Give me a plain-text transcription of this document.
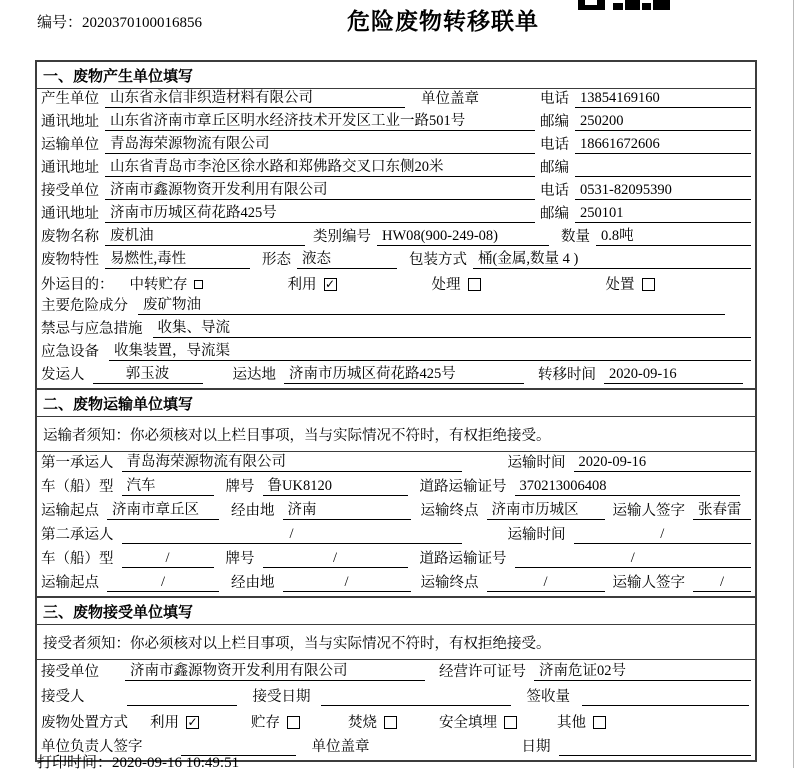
编号：2020370100016856	危险废物转移联单
一、废物产生单位填写
产生单位 山东省永信非织造材料有限公司	单位盖章	电话 13854169160
通讯地址 山东省济南市章丘区明水经济技术开发区工业一路501号	邮编 250200
运输单位 青岛海荣源物流有限公司	电话 18661672606
通讯地址 山东省青岛市李沧区徐水路和郑佛路交叉口东侧20米	邮编
接受单位 济南市鑫源物资开发利用有限公司	电话 0531-82095390
通讯地址 济南市历城区荷花路425号	邮编 250101
废物名称 废机油	类别编号 HW08(900-249-08)	数量 0.8吨
废物特性 易燃性,毒性	形态 液态	包装方式 桶(金属,数量 4 )
外运目的： 中转贮存	利用 ✓	处理	处置
主要危险成分	废矿物油
禁忌与应急措施	收集、导流
应急设备	收集装置，导流渠
发运人	郭玉波	运达地 济南市历城区荷花路425号	转移时间 2020-09-16
二、废物运输单位填写
运输者须知：你必须核对以上栏目事项，当与实际情况不符时，有权拒绝接受。
第一承运人 青岛海荣源物流有限公司	运输时间 2020-09-16
车（船）型 汽车	牌号 鲁UK8120	道路运输证号 370213006408
运输起点 济南市章丘区	经由地 济南	运输终点 济南市历城区	运输人签字 张春雷
第二承运人	/	运输时间	/
车（船）型	/	牌号	/	道路运输证号	/
运输起点	/	经由地	/	运输终点	/	运输人签字	/
三、废物接受单位填写
接受者须知：你必须核对以上栏目事项，当与实际情况不符时，有权拒绝接受。
接受单位	济南市鑫源物资开发利用有限公司	经营许可证号 济南危证02号
接受人	接受日期	签收量
废物处置方式 利用 ✓	贮存	焚烧	安全填埋	其他
单位负责人签字	单位盖章	日期
打印时间：2020-09-16 10:49:51
